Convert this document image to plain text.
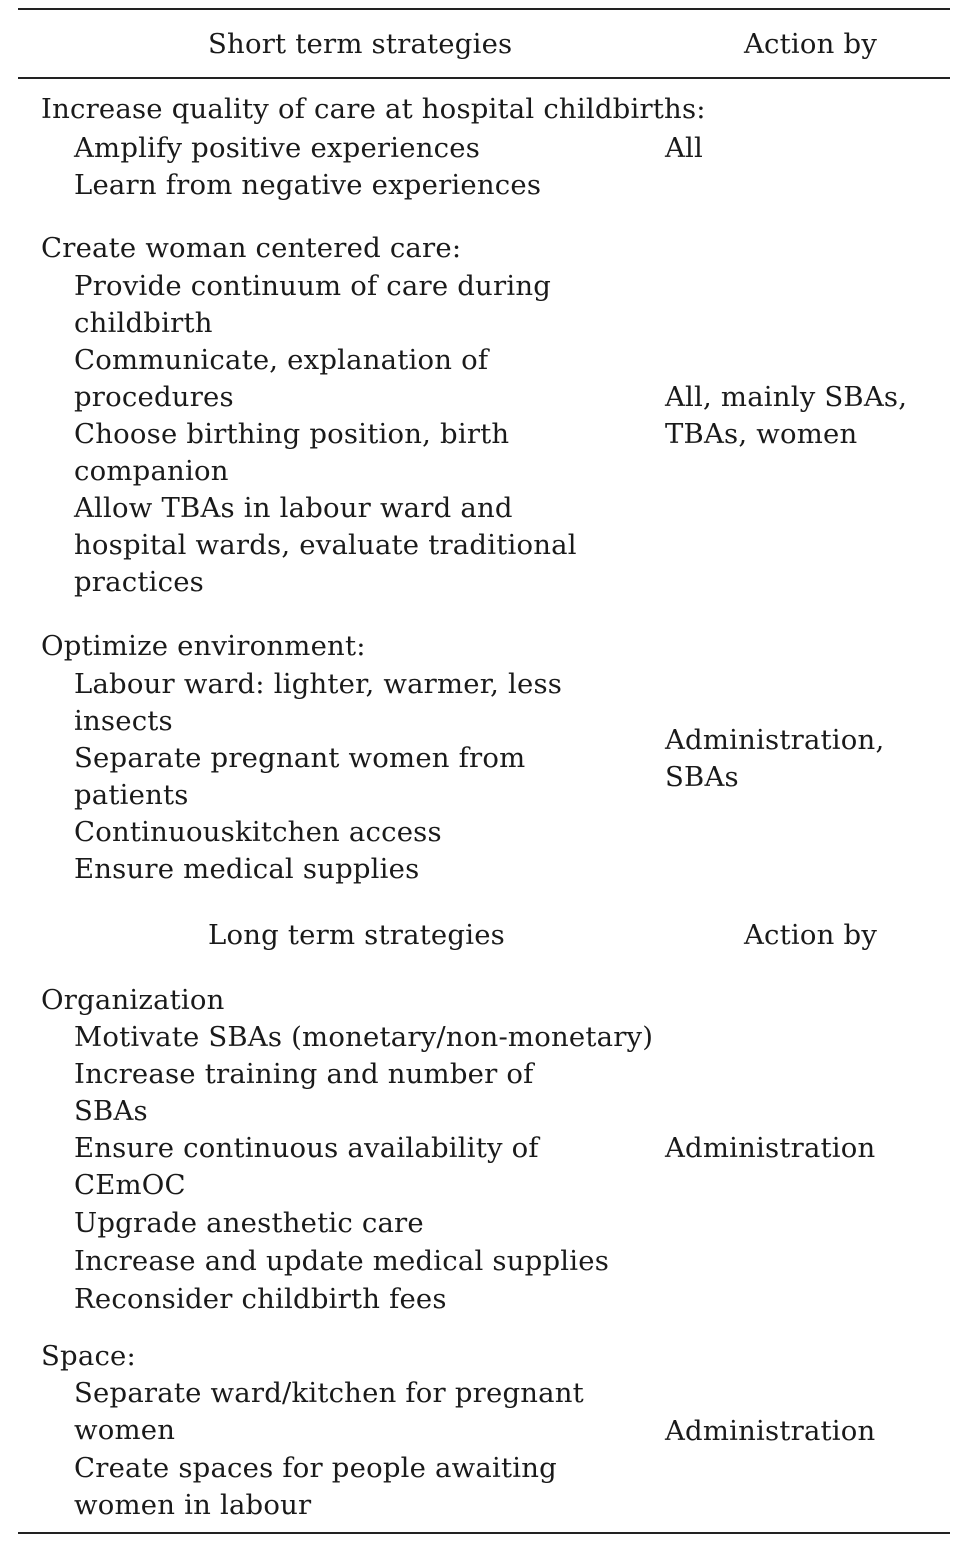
Short term strategies	Action by
Increase quality of care at hospital childbirths:
Amplify positive experiences
Learn from negative experiences
All
Create woman centered care:
Provide continuum of care during
childbirth
Communicate, explanation of
procedures
Choose birthing position, birth
companion
Allow TBAs in labour ward and
hospital wards, evaluate traditional
practices
All, mainly SBAs,
TBAs, women
Optimize environment:
Labour ward: lighter, warmer, less
insects
Separate pregnant women from
patients
Continuouskitchen access
Ensure medical supplies
Administration,
SBAs
Long term strategies	Action by
Organization
Motivate SBAs (monetary/non-monetary)
Increase training and number of
SBAs
Ensure continuous availability of
CEmOC
Upgrade anesthetic care
Increase and update medical supplies
Reconsider childbirth fees
Administration
Space:
Separate ward/kitchen for pregnant
women
Create spaces for people awaiting
women in labour
Administration
